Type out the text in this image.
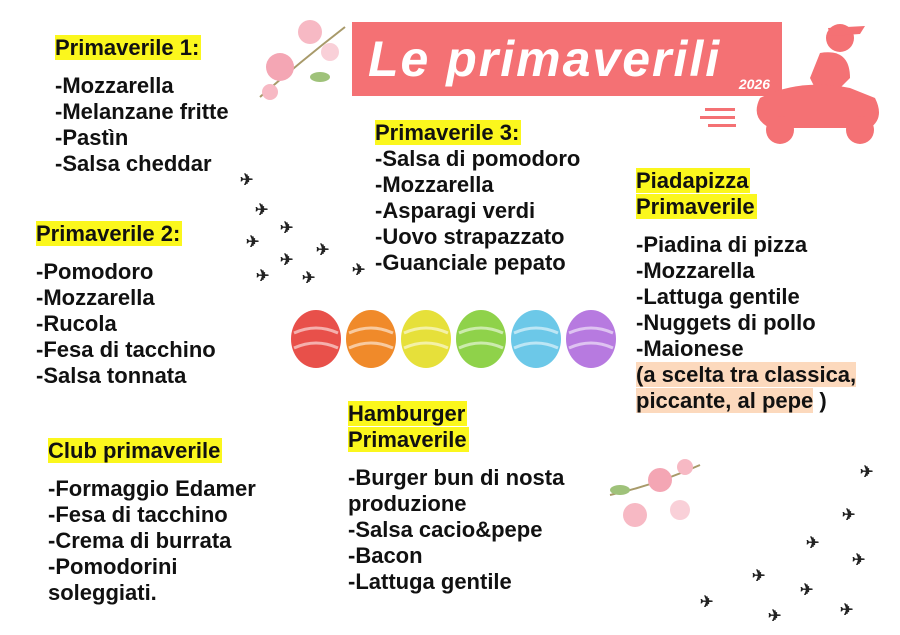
Le primaverili 2026
✈
✈
✈
✈
✈
✈
✈ ✈ ✈
✈
✈
✈
✈
✈
✈
✈
✈
✈
Primaverile 1:
-Mozzarella
-Melanzane fritte
-Pastìn
-Salsa cheddar
Primaverile 2:
-Pomodoro
-Mozzarella
-Rucola
-Fesa di tacchino
-Salsa tonnata
Club primaverile
-Formaggio Edamer
-Fesa di tacchino
-Crema di burrata
-Pomodorini
soleggiati.
Primaverile 3:
-Salsa di pomodoro
-Mozzarella
-Asparagi verdi
-Uovo strapazzato
-Guanciale pepato
Hamburger
Primaverile
-Burger bun di nosta
produzione
-Salsa cacio&pepe
-Bacon
-Lattuga gentile
Piadapizza
Primaverile
-Piadina di pizza
-Mozzarella
-Lattuga gentile
-Nuggets di pollo
-Maionese
(a scelta tra classica,
piccante, al pepe )
